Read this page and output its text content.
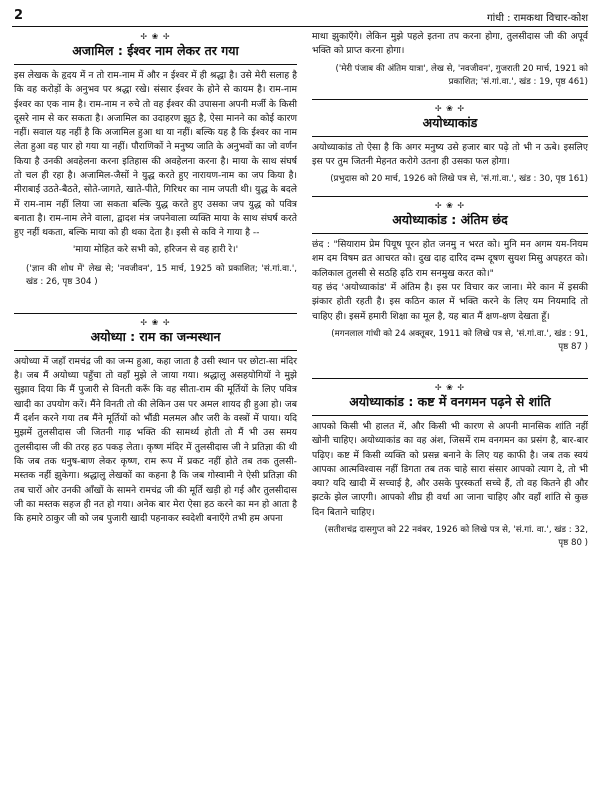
2	गांधी : रामकथा विचार-कोश
✢ ❀ ✢
अजामिल : ईश्वर नाम लेकर तर गया

इस लेखक के हृदय में न तो राम-नाम में और न ईश्वर में ही श्रद्धा है। उसे मेरी सलाह है कि वह करोड़ों के अनुभव पर श्रद्धा रखे। संसार ईश्वर के होने से कायम है। राम-नाम ईश्वर का एक नाम है। राम-नाम न रुचे तो वह ईश्वर की उपासना अपनी मर्जी के किसी दूसरे नाम से कर सकता है। अजामिल का उदाहरण झूठ है, ऐसा मानने का कोई कारण नहीं। सवाल यह नहीं है कि अजामिल हुआ था या नहीं। बल्कि यह है कि ईश्वर का नाम लेता हुआ वह पार हो गया या नहीं। पौराणिकों ने मनुष्य जाति के अनुभवों का जो वर्णन किया है उनकी अवहेलना करना इतिहास की अवहेलना करना है। माया के साथ संघर्ष तो चल ही रहा है। अजामिल-जैसों ने युद्ध करते हुए नारायण-नाम का जप किया है। मीराबाई उठते-बैठते, सोते-जागते, खाते-पीते, गिरिधर का नाम जपती थी। युद्ध के बदले में राम-नाम नहीं लिया जा सकता बल्कि युद्ध करते हुए उसका जप युद्ध को पवित्र बनाता है। राम-नाम लेने वाला, द्वादश मंत्र जपनेवाला व्यक्ति माया के साथ संघर्ष करते हुए नहीं थकता, बल्कि माया को ही थका देता है। इसी से कवि ने गाया है --

'माया मोहित करे सभी को, हरिजन से वह हारी रे।'

('ज्ञान की शोध में' लेख से; 'नवजीवन', 15 मार्च, 1925 को प्रकाशित; 'सं.गां.वा.', खंड : 26, पृष्ठ 304 )

✢ ❀ ✢
अयोध्या : राम का जन्मस्थान

अयोध्या में जहाँ रामचंद्र जी का जन्म हुआ, कहा जाता है उसी स्थान पर छोटा-सा मंदिर है। जब मैं अयोध्या पहुँचा तो वहाँ मुझे ले जाया गया। श्रद्धालु असहयोगियों ने मुझे सुझाव दिया कि मैं पुजारी से विनती करूँ कि वह सीता-राम की मूर्तियों के लिए पवित्र खादी का उपयोग करें। मैंने विनती तो की लेकिन उस पर अमल शायद ही हुआ हो। जब मैं दर्शन करने गया तब मैंने मूर्तियों को भौंडी मलमल और जरी के वस्त्रों में पाया। यदि मुझमें तुलसीदास जी जितनी गाढ़ भक्ति की सामर्थ्य होती तो मैं भी उस समय तुलसीदास जी की तरह हठ पकड़ लेता। कृष्ण मंदिर में तुलसीदास जी ने प्रतिज्ञा की थी कि जब तक धनुष-बाण लेकर कृष्ण, राम रूप में प्रकट नहीं होते तब तक तुलसी-मस्तक नहीं झुकेगा। श्रद्धालु लेखकों का कहना है कि जब गोस्वामी ने ऐसी प्रतिज्ञा की तब चारों ओर उनकी आँखों के सामने रामचंद्र जी की मूर्ति खड़ी हो गई और तुलसीदास जी का मस्तक सहज ही नत हो गया। अनेक बार मेरा ऐसा हठ करने का मन हो आता है कि हमारे ठाकुर जी को जब पुजारी खादी पहनाकर स्वदेशी बनाएँगे तभी हम अपना

माथा झुकाएँगे। लेकिन मुझे पहले इतना तप करना होगा, तुलसीदास जी की अपूर्व भक्ति को प्राप्त करना होगा।

('मेरी पंजाब की अंतिम यात्रा', लेख से, 'नवजीवन', गुजराती 20 मार्च, 1921 को प्रकाशित; 'सं.गां.वा.', खंड : 19, पृष्ठ 461)

✢ ❀ ✢
अयोध्याकांड

अयोध्याकांड तो ऐसा है कि अगर मनुष्य उसे हजार बार पढ़े तो भी न ऊबे। इसलिए इस पर तुम जितनी मेहनत करोगे उतना ही उसका फल होगा।

(प्रभुदास को 20 मार्च, 1926 को लिखे पत्र से, 'सं.गां.वा.', खंड : 30, पृष्ठ 161)

✢ ❀ ✢
अयोध्याकांड : अंतिम छंद

छंद : "सियाराम प्रेम पियूष पूरन होत जनमु न भरत को। मुनि मन अगम यम-नियम शम दम विषम व्रत आचरत को। दुख दाह दारिद दम्भ दूषण सुयश मिसु अपहरत को। कलिकाल तुलसी से सठहि ढ़ठि राम सनमुख करत को।"

यह छंद 'अयोध्याकांड' में अंतिम है। इस पर विचार कर जाना। मेरे कान में इसकी झंकार होती रहती है। इस कठिन काल में भक्ति करने के लिए यम नियमादि तो चाहिए ही। इसमें हमारी शिक्षा का मूल है, यह बात मैं क्षण-क्षण देखता हूँ।

(मगनलाल गांधी को 24 अक्तूबर, 1911 को लिखे पत्र से, 'सं.गां.वा.', खंड : 91, पृष्ठ 87 )

✢ ❀ ✢
अयोध्याकांड : कष्ट में वनगमन पढ़ने से शांति

आपको किसी भी हालत में, और किसी भी कारण से अपनी मानसिक शांति नहीं खोनी चाहिए। अयोध्याकांड का वह अंश, जिसमें राम वनगमन का प्रसंग है, बार-बार पढ़िए। कष्ट में किसी व्यक्ति को प्रसन्न बनाने के लिए यह काफी है। जब तक स्वयं आपका आत्मविश्वास नहीं डिगता तब तक चाहे सारा संसार आपको त्याग दे, तो भी क्या? यदि खादी में सच्चाई है, और उसके पुरस्कर्ता सच्चे हैं, तो वह कितने ही और झटके झेल जाएगी। आपको शीघ्र ही वर्धा आ जाना चाहिए और वहाँ शांति से कुछ दिन बिताने चाहिए।

(सतीशचंद्र दासगुप्त को 22 नवंबर, 1926 को लिखे पत्र से, 'सं.गां. वा.', खंड : 32, पृष्ठ 80 )
